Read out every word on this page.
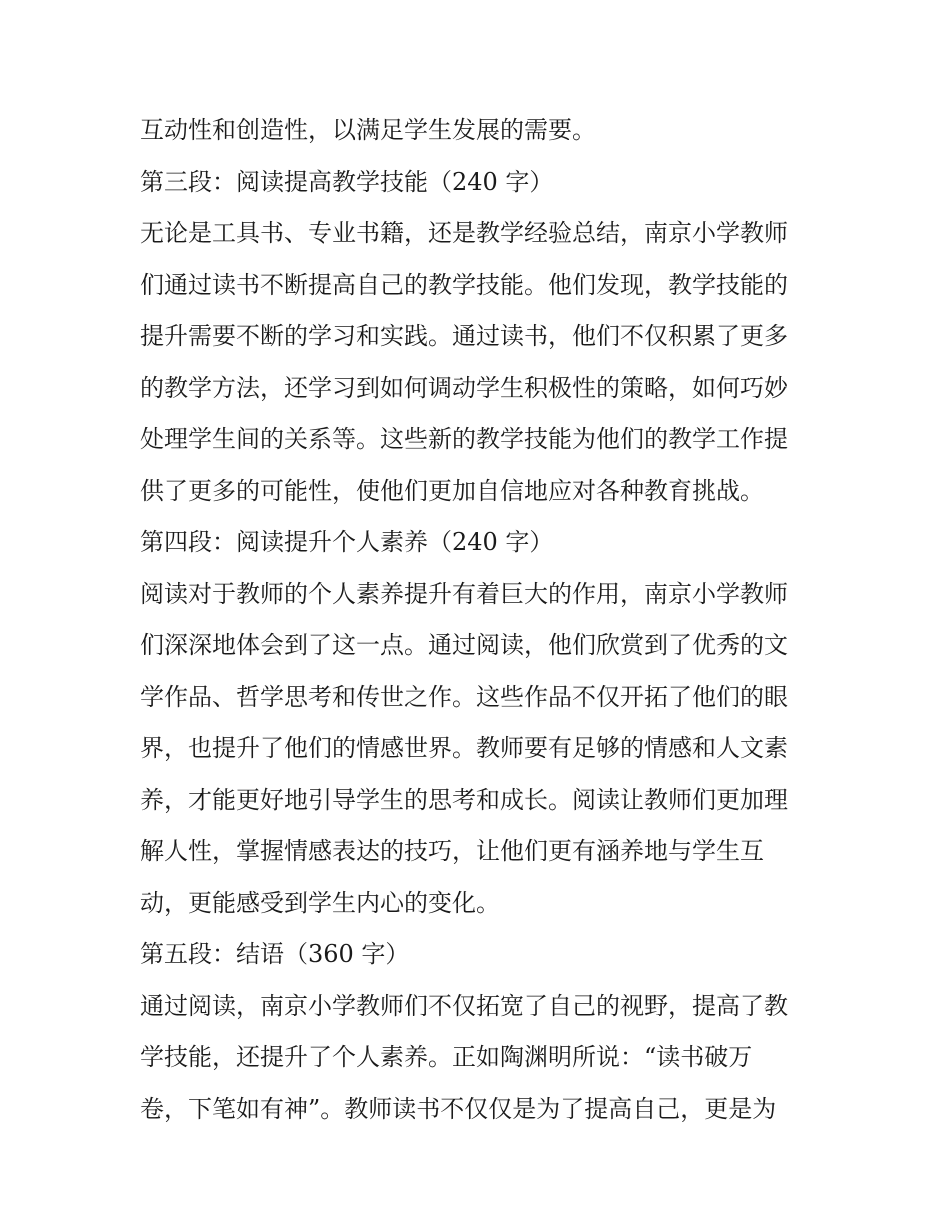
互动性和创造性，以满足学生发展的需要。
第三段：阅读提高教学技能（240 字）
无论是工具书、专业书籍，还是教学经验总结，南京小学教师
们通过读书不断提高自己的教学技能。他们发现，教学技能的
提升需要不断的学习和实践。通过读书，他们不仅积累了更多
的教学方法，还学习到如何调动学生积极性的策略，如何巧妙
处理学生间的关系等。这些新的教学技能为他们的教学工作提
供了更多的可能性，使他们更加自信地应对各种教育挑战。
第四段：阅读提升个人素养（240 字）
阅读对于教师的个人素养提升有着巨大的作用，南京小学教师
们深深地体会到了这一点。通过阅读，他们欣赏到了优秀的文
学作品、哲学思考和传世之作。这些作品不仅开拓了他们的眼
界，也提升了他们的情感世界。教师要有足够的情感和人文素
养，才能更好地引导学生的思考和成长。阅读让教师们更加理
解人性，掌握情感表达的技巧，让他们更有涵养地与学生互
动，更能感受到学生内心的变化。
第五段：结语（360 字）
通过阅读，南京小学教师们不仅拓宽了自己的视野，提高了教
学技能，还提升了个人素养。正如陶渊明所说：“读书破万
卷，下笔如有神”。教师读书不仅仅是为了提高自己，更是为
